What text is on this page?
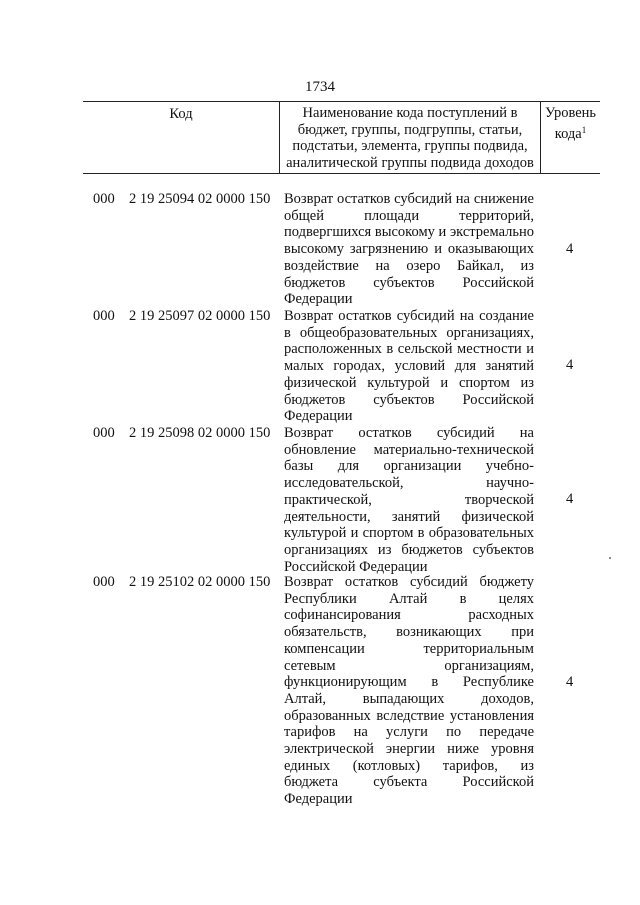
1734
Код	Наименование кода поступлений в бюджет, группы, подгруппы, статьи, подстатьи, элемента, группы подвида, аналитической группы подвида доходов
Уровень кода$^1$
000 2 19 25094 02 0000 150 Возврат остатков субсидий на снижение общей площади территорий, подвергшихся высокому и экстремально высокому загрязнению и оказывающих воздействие на озеро Байкал, из бюджетов субъектов Российской Федерации
4
000 2 19 25097 02 0000 150 Возврат остатков субсидий на создание в общеобразовательных организациях, расположенных в сельской местности и малых городах, условий для занятий физической культурой и спортом из бюджетов субъектов Российской Федерации
4
000 2 19 25098 02 0000 150 Возврат остатков субсидий на обновление материально-технической базы для организации учебно-исследовательской, научно-практической, творческой деятельности, занятий физической культурой и спортом в образовательных организациях из бюджетов субъектов Российской Федерации
4
000 2 19 25102 02 0000 150 Возврат остатков субсидий бюджету Республики Алтай в целях софинансирования расходных обязательств, возникающих при компенсации территориальным сетевым организациям, функционирующим в Республике Алтай, выпадающих доходов, образованных вследствие установления тарифов на услуги по передаче электрической энергии ниже уровня единых (котловых) тарифов, из бюджета субъекта Российской Федерации
4
